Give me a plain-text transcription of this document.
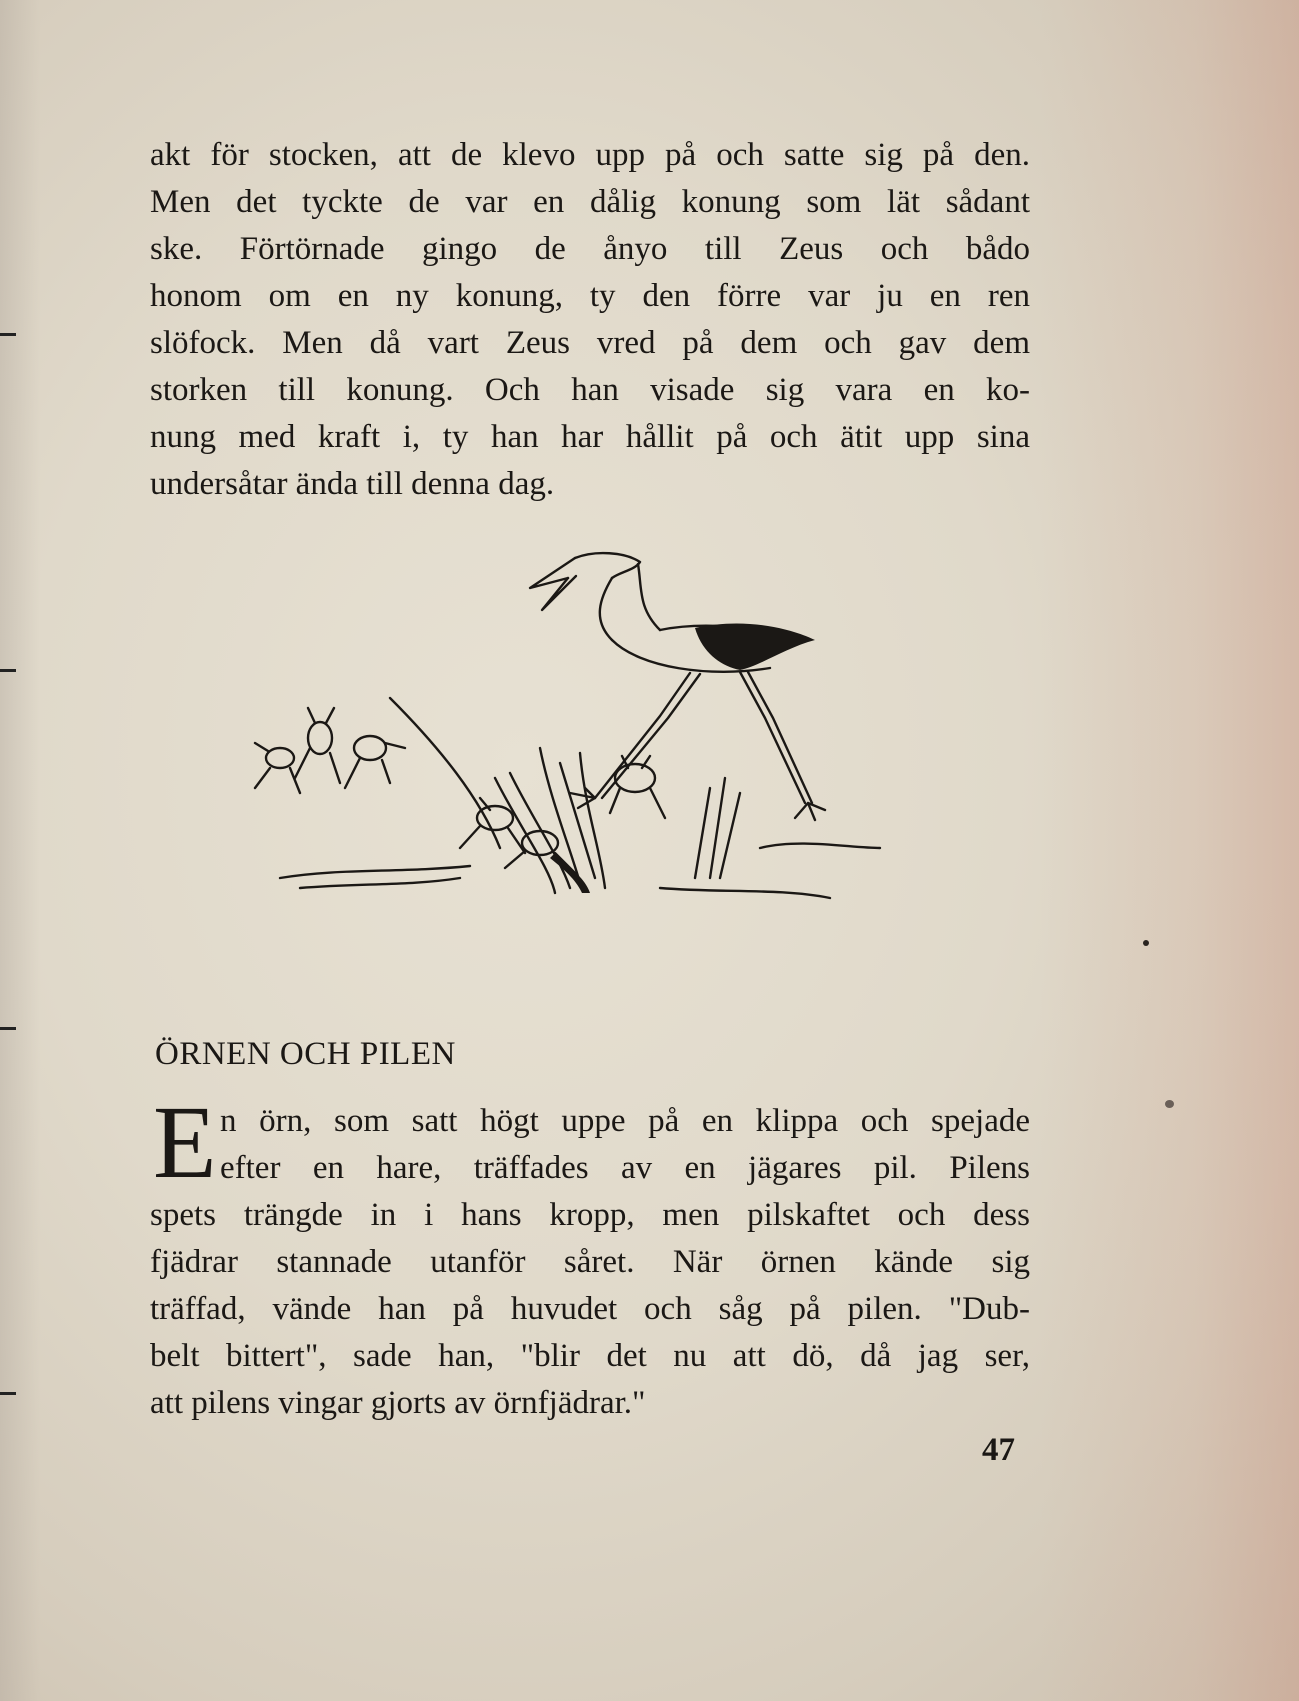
akt för stocken, att de klevo upp på och satte sig på den.
Men det tyckte de var en dålig konung som lät sådant
ske. Förtörnade gingo de ånyo till Zeus och bådo
honom om en ny konung, ty den förre var ju en ren
slöfock. Men då vart Zeus vred på dem och gav dem
storken till konung. Och han visade sig vara en ko-
nung med kraft i, ty han har hållit på och ätit upp sina
undersåtar ända till denna dag.
ÖRNEN OCH PILEN
E n örn, som satt högt uppe på en klippa och spejade
efter en hare, träffades av en jägares pil. Pilens
spets trängde in i hans kropp, men pilskaftet och dess
fjädrar stannade utanför såret. När örnen kände sig
träffad, vände han på huvudet och såg på pilen. "Dub-
belt bittert", sade han, "blir det nu att dö, då jag ser,
att pilens vingar gjorts av örnfjädrar."
47
